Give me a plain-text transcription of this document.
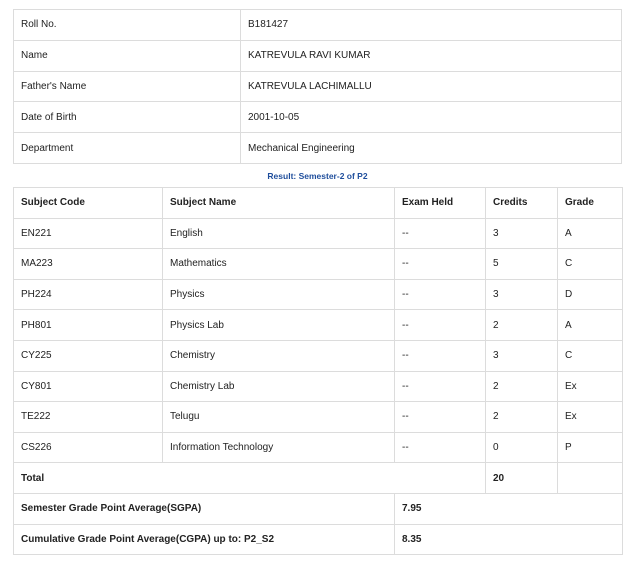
Roll No.	B181427
Name	KATREVULA RAVI KUMAR
Father's Name	KATREVULA LACHIMALLU
Date of Birth	2001-10-05
Department	Mechanical Engineering
Result: Semester-2 of P2
Subject Code	Subject Name	Exam Held	Credits	Grade
EN221	English	--	3	A
MA223	Mathematics	--	5	C
PH224	Physics	--	3	D
PH801	Physics Lab	--	2	A
CY225	Chemistry	--	3	C
CY801	Chemistry Lab	--	2	Ex
TE222	Telugu	--	2	Ex
CS226	Information Technology	--	0	P
Total			20	
Semester Grade Point Average(SGPA)		7.95		
Cumulative Grade Point Average(CGPA) up to: P2_S2		8.35		
